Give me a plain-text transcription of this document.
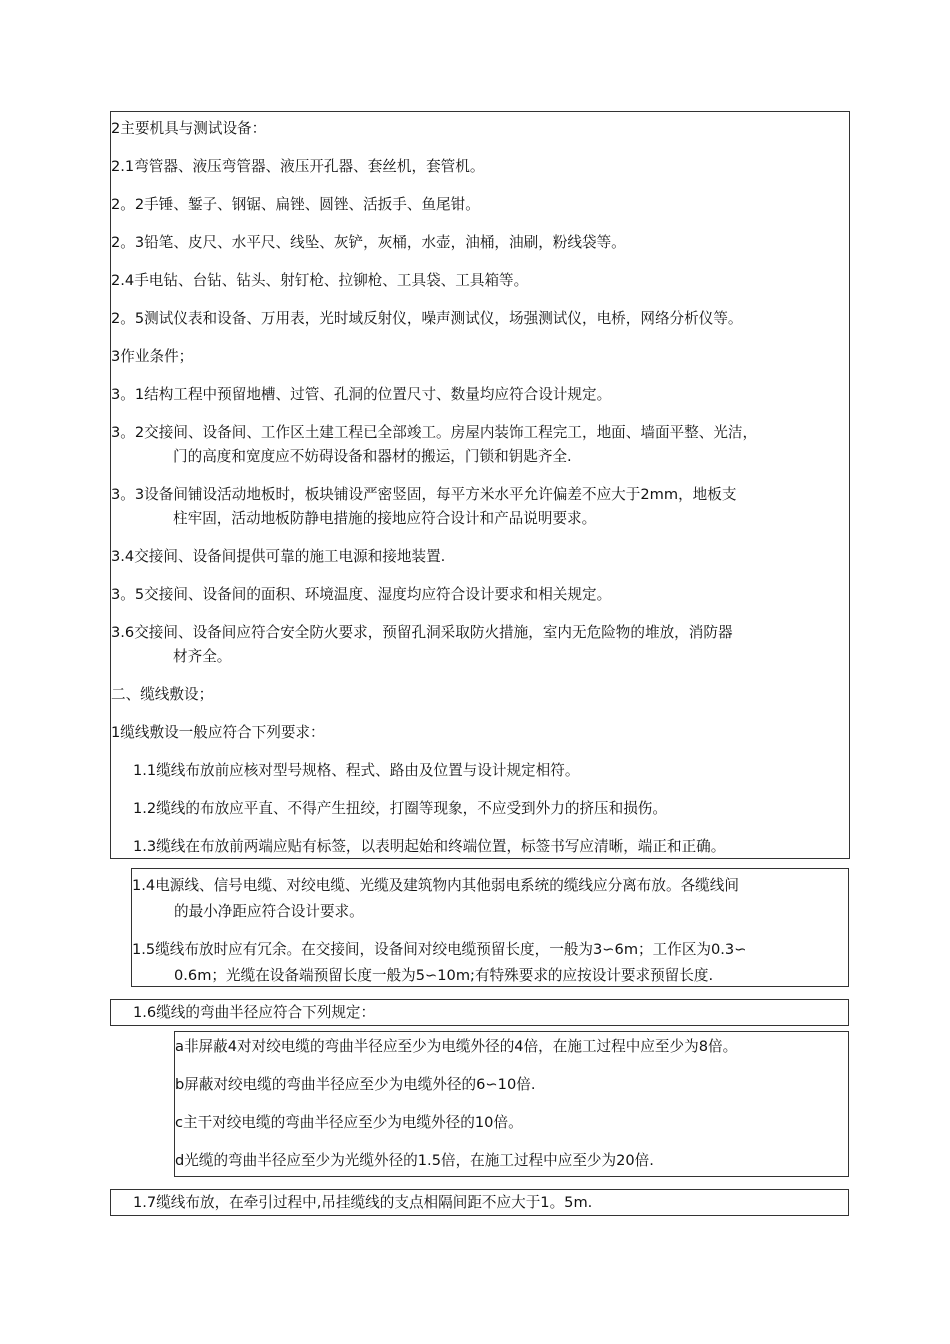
2主要机具与测试设备：
2.1弯管器、液压弯管器、液压开孔器、套丝机，套管机。
2。2手锤、錾子、钢锯、扁锉、圆锉、活扳手、鱼尾钳。
2。3铅笔、皮尺、水平尺、线坠、灰铲，灰桶，水壶，油桶，油刷，粉线袋等。
2.4手电钻、台钻、钻头、射钉枪、拉铆枪、工具袋、工具箱等。
2。5测试仪表和设备、万用表，光时域反射仪，噪声测试仪，场强测试仪，电桥，网络分析仪等。
3作业条件；
3。1结构工程中预留地槽、过管、孔洞的位置尺寸、数量均应符合设计规定。
3。2交接间、设备间、工作区土建工程已全部竣工。房屋内装饰工程完工，地面、墙面平整、光洁，
门的高度和宽度应不妨碍设备和器材的搬运，门锁和钥匙齐全.
3。3设备间铺设活动地板时，板块铺设严密竖固，每平方米水平允许偏差不应大于2mm，地板支
柱牢固，活动地板防静电措施的接地应符合设计和产品说明要求。
3.4交接间、设备间提供可靠的施工电源和接地装置.
3。5交接间、设备间的面积、环境温度、湿度均应符合设计要求和相关规定。
3.6交接间、设备间应符合安全防火要求，预留孔洞采取防火措施，室内无危险物的堆放，消防器
材齐全。
二、缆线敷设；
1缆线敷设一般应符合下列要求：
1.1缆线布放前应核对型号规格、程式、路由及位置与设计规定相符。
1.2缆线的布放应平直、不得产生扭绞，打圈等现象，不应受到外力的挤压和损伤。
1.3缆线在布放前两端应贴有标签，以表明起始和终端位置，标签书写应清晰，端正和正确。
1.4电源线、信号电缆、对绞电缆、光缆及建筑物内其他弱电系统的缆线应分离布放。各缆线间
的最小净距应符合设计要求。
1.5缆线布放时应有冗余。在交接间，设备间对绞电缆预留长度，一般为3∽6m；工作区为0.3∽
0.6m；光缆在设备端预留长度一般为5∽10m;有特殊要求的应按设计要求预留长度.
1.6缆线的弯曲半径应符合下列规定：
a非屏蔽4对对绞电缆的弯曲半径应至少为电缆外径的4倍，在施工过程中应至少为8倍。
b屏蔽对绞电缆的弯曲半径应至少为电缆外径的6∽10倍.
c主干对绞电缆的弯曲半径应至少为电缆外径的10倍。
d光缆的弯曲半径应至少为光缆外径的1.5倍，在施工过程中应至少为20倍.
1.7缆线布放，在牵引过程中,吊挂缆线的支点相隔间距不应大于1。5m.
